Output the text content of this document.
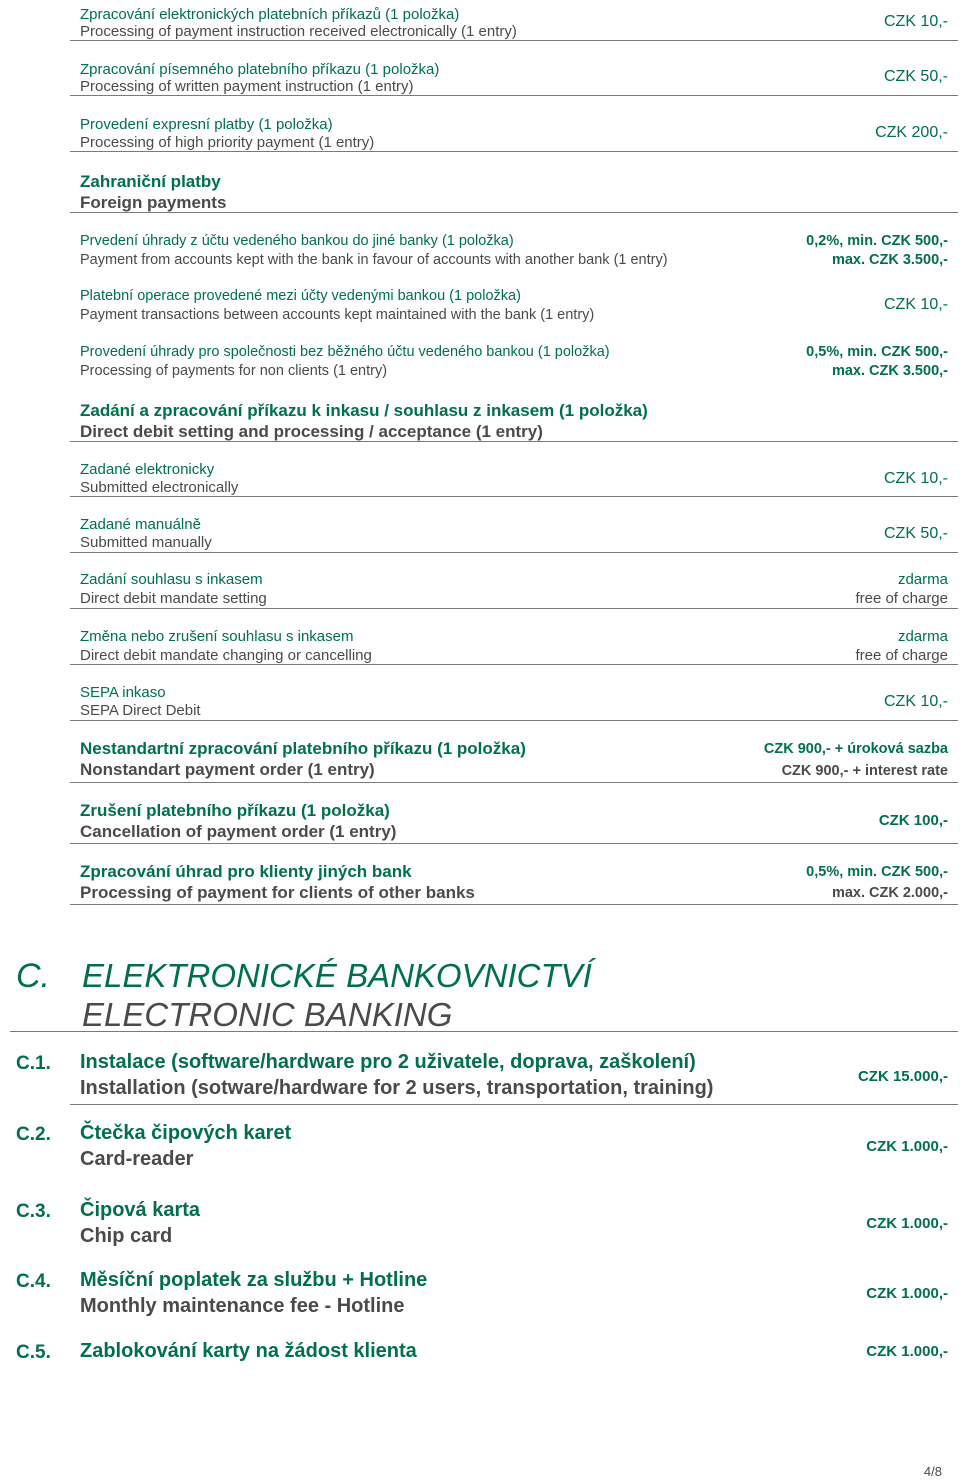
Zpracování elektronických platebních příkazů (1 položka)
Processing of payment instruction received electronically (1 entry)
CZK 10,-
Zpracování písemného platebního příkazu (1 položka)
Processing of written payment instruction (1 entry)
CZK 50,-
Provedení expresní platby (1 položka)
Processing of high priority payment (1 entry)
CZK 200,-
Zahraniční platby
Foreign payments
Prvedení úhrady z účtu vedeného bankou do jiné banky (1 položka)
Payment from accounts kept with the bank in favour of accounts with another bank (1 entry)
0,2%, min. CZK 500,-
max. CZK 3.500,-
Platební operace provedené mezi účty vedenými bankou (1 položka)
Payment transactions between accounts kept maintained with the bank (1 entry)
CZK 10,-
Provedení úhrady pro společnosti bez běžného účtu vedeného bankou (1 položka)
Processing of payments for non clients (1 entry)
0,5%, min. CZK 500,-
max. CZK 3.500,-
Zadání a zpracování příkazu k inkasu / souhlasu z inkasem (1 položka)
Direct debit setting and processing / acceptance (1 entry)
Zadané elektronicky
Submitted electronically
CZK 10,-
Zadané manuálně
Submitted manually
CZK 50,-
Zadání souhlasu s inkasem
Direct debit mandate setting
zdarma
free of charge
Změna nebo zrušení souhlasu s inkasem
Direct debit mandate changing or cancelling
zdarma
free of charge
SEPA inkaso
SEPA Direct Debit
CZK 10,-
Nestandartní zpracování platebního příkazu (1 položka)
Nonstandart payment order (1 entry)
CZK 900,- + úroková sazba
CZK 900,- + interest rate
Zrušení platebního příkazu (1 položka)
Cancellation of payment order (1 entry)
CZK 100,-
Zpracování úhrad pro klienty jiných bank
Processing of payment for clients of other banks
0,5%, min. CZK 500,-
max. CZK 2.000,-
C. ELEKTRONICKÉ BANKOVNICTVÍ
ELECTRONIC BANKING
C.1. Instalace (software/hardware pro 2 uživatele, doprava, zaškolení)
Installation (sotware/hardware for 2 users, transportation, training)
CZK 15.000,-
C.2. Čtečka čipových karet
Card-reader
CZK 1.000,-
C.3. Čipová karta
Chip card
CZK 1.000,-
C.4. Měsíční poplatek za službu + Hotline
Monthly maintenance fee - Hotline
CZK 1.000,-
C.5. Zablokování karty na žádost klienta	CZK 1.000,-
4/8
